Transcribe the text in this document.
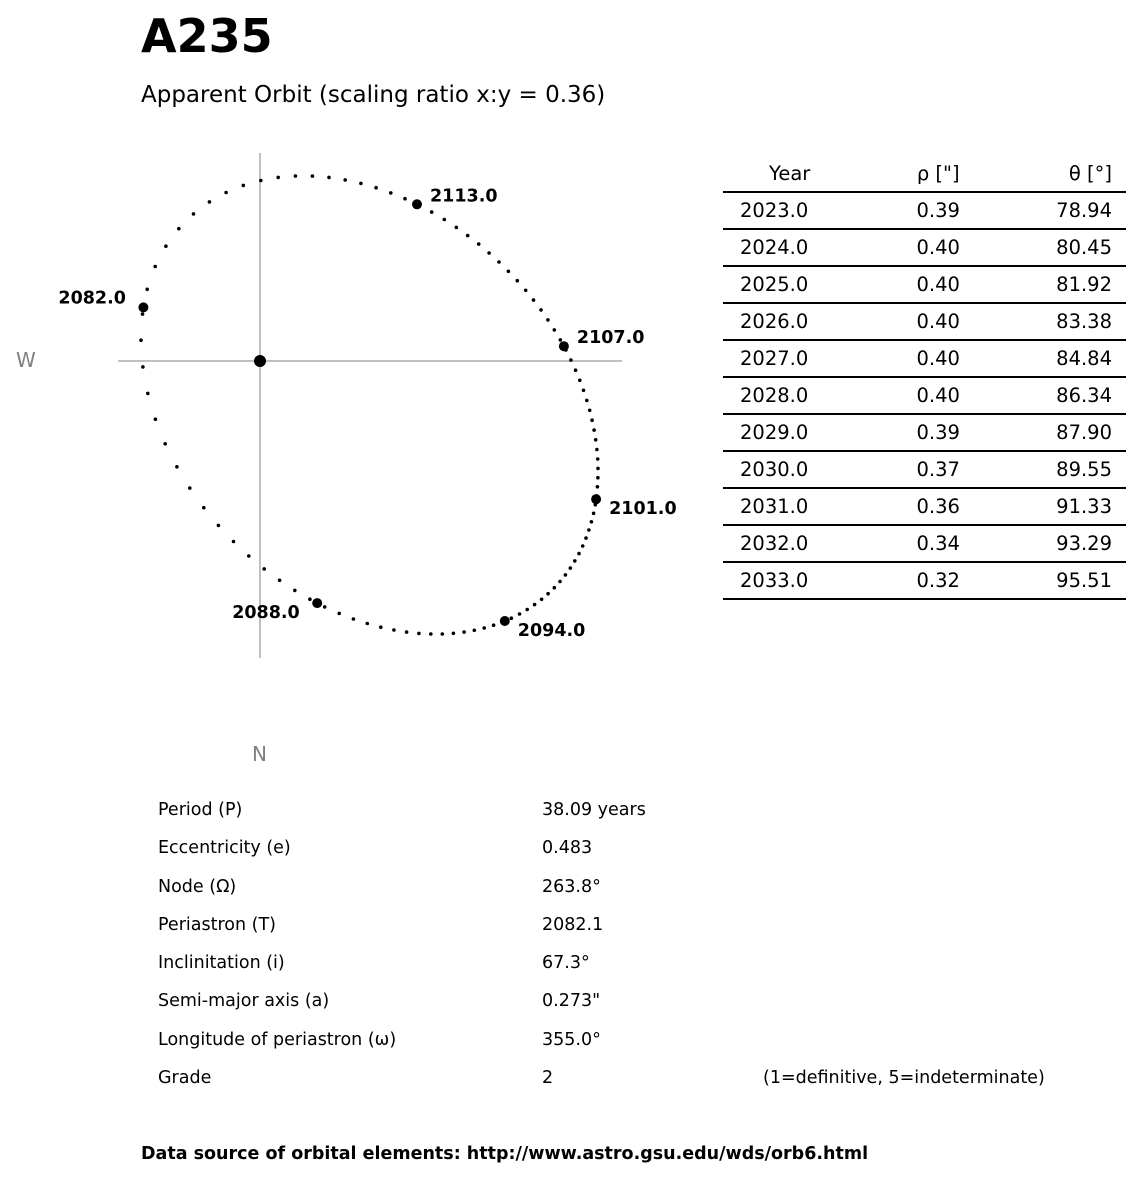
A235
Apparent Orbit (scaling ratio x:y = 0.36)
2082.0
2088.0
2094.0
2101.0
2107.0
2113.0
W
N
Year	ρ ["]	θ [°]
2023.0	0.39	78.94
2024.0	0.40	80.45
2025.0	0.40	81.92
2026.0	0.40	83.38
2027.0	0.40	84.84
2028.0	0.40	86.34
2029.0	0.39	87.90
2030.0	0.37	89.55
2031.0	0.36	91.33
2032.0	0.34	93.29
2033.0	0.32	95.51
Period (P)	38.09 years
Eccentricity (e)	0.483
Node (Ω)	263.8°
Periastron (T)	2082.1
Inclinitation (i)	67.3°
Semi-major axis (a)	0.273"
Longitude of periastron (ω)	355.0°
Grade	2	(1=definitive, 5=indeterminate)
Data source of orbital elements: http://www.astro.gsu.edu/wds/orb6.html
